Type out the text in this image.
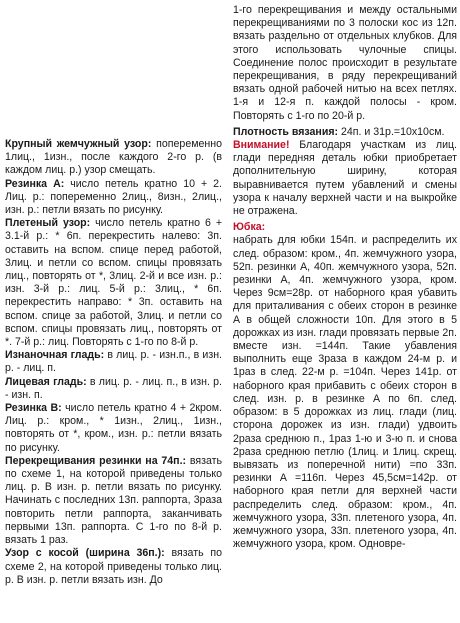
Крупный жемчужный узор: попеременно 1лиц., 1изн., после каждого 2-го р. (в каждом лиц. р.) узор смещать.

Резинка А: число петель кратно 10 + 2. Лиц. р.: попеременно 2лиц., 8изн., 2лиц., изн. р.: петли вязать по рисунку.

Плетеный узор: число петель кратно 6 + 3.1-й р.: * 6п. перекрестить налево: 3п. оставить на вспом. спице перед работой, 3лиц. и петли со вспом. спицы провязать лиц., повторять от *, 3лиц. 2-й и все изн. р.: изн. 3-й р.: лиц. 5-й р.: 3лиц., * 6п. перекрестить направо: * 3п. оставить на вспом. спице за работой, 3лиц. и петли со вспом. спицы провязать лиц., повторять от *. 7-й р.: лиц. Повторять с 1-го по 8-й р.

Изнаночная гладь: в лиц. р. - изн.п., в изн. р. - лиц. п.

Лицевая гладь: в лиц. р. - лиц. п., в изн. р. - изн. п.

Резинка В: число петель кратно 4 + 2кром. Лиц. р.: кром., * 1изн., 2лиц., 1изн., повторять от *, кром., изн. р.: петли вязать по рисунку.

Перекрещивания резинки на 74п.: вязать по схеме 1, на которой приведены только лиц. р. В изн. р. петли вязать по рисунку. Начинать с последних 13п. раппорта, 3раза повторить петли раппорта, заканчивать первыми 13п. раппорта. С 1-го по 8-й р. вязать 1 раз.

Узор с косой (ширина 36п.): вязать по схеме 2, на которой приведены только лиц. р. В изн. р. петли вязать изн. До

1-го перекрещивания и между остальными перекрещиваниями по 3 полоски кос из 12п. вязать раздельно от отдельных клубков. Для этого использовать чулочные спицы. Соединение полос происходит в результате перекрещивания, в ряду перекрещиваний вязать одной рабочей нитью на всех петлях. 1-я и 12-я п. каждой полосы - кром. Повторять с 1-го по 20-й р.

Плотность вязания: 24п. и 31р.=10х10см.

Внимание! Благодаря участкам из лиц. глади передняя деталь юбки приобретает дополнительную ширину, которая выравнивается путем убавлений и смены узора к началу верхней части и на выкройке не отражена.

Юбка:

набрать для юбки 154п. и распределить их след. образом: кром., 4п. жемчужного узора, 52п. резинки А, 40п. жемчужного узора, 52п. резинки А, 4п. жемчужного узора, кром. Через 9см=28р. от наборного края убавить для приталивания с обеих сторон в резинке А в общей сложности 10п. Для этого в 5 дорожках из изн. глади провязать первые 2п. вместе изн. =144п. Такие убавления выполнить еще 3раза в каждом 24-м р. и 1раз в след. 22-м р. =104п. Через 141р. от наборного края прибавить с обеих сторон в след. изн. р. в резинке А по 6п. след. образом: в 5 дорожках из лиц. глади (лиц. сторона дорожек из изн. глади) удвоить 2раза среднюю п., 1раз 1-ю и 3-ю п. и снова 2раза среднюю петлю (1лиц. и 1лиц. скрещ. вывязать из поперечной нити) =по 33п. резинки А =116п. Через 45,5см=142р. от наборного края петли для верхней части распределить след. образом: кром., 4п. жемчужного узора, 33п. плетеного узора, 4п. жемчужного узора, 33п. плетеного узора, 4п. жемчужного узора, кром. Одновре-
